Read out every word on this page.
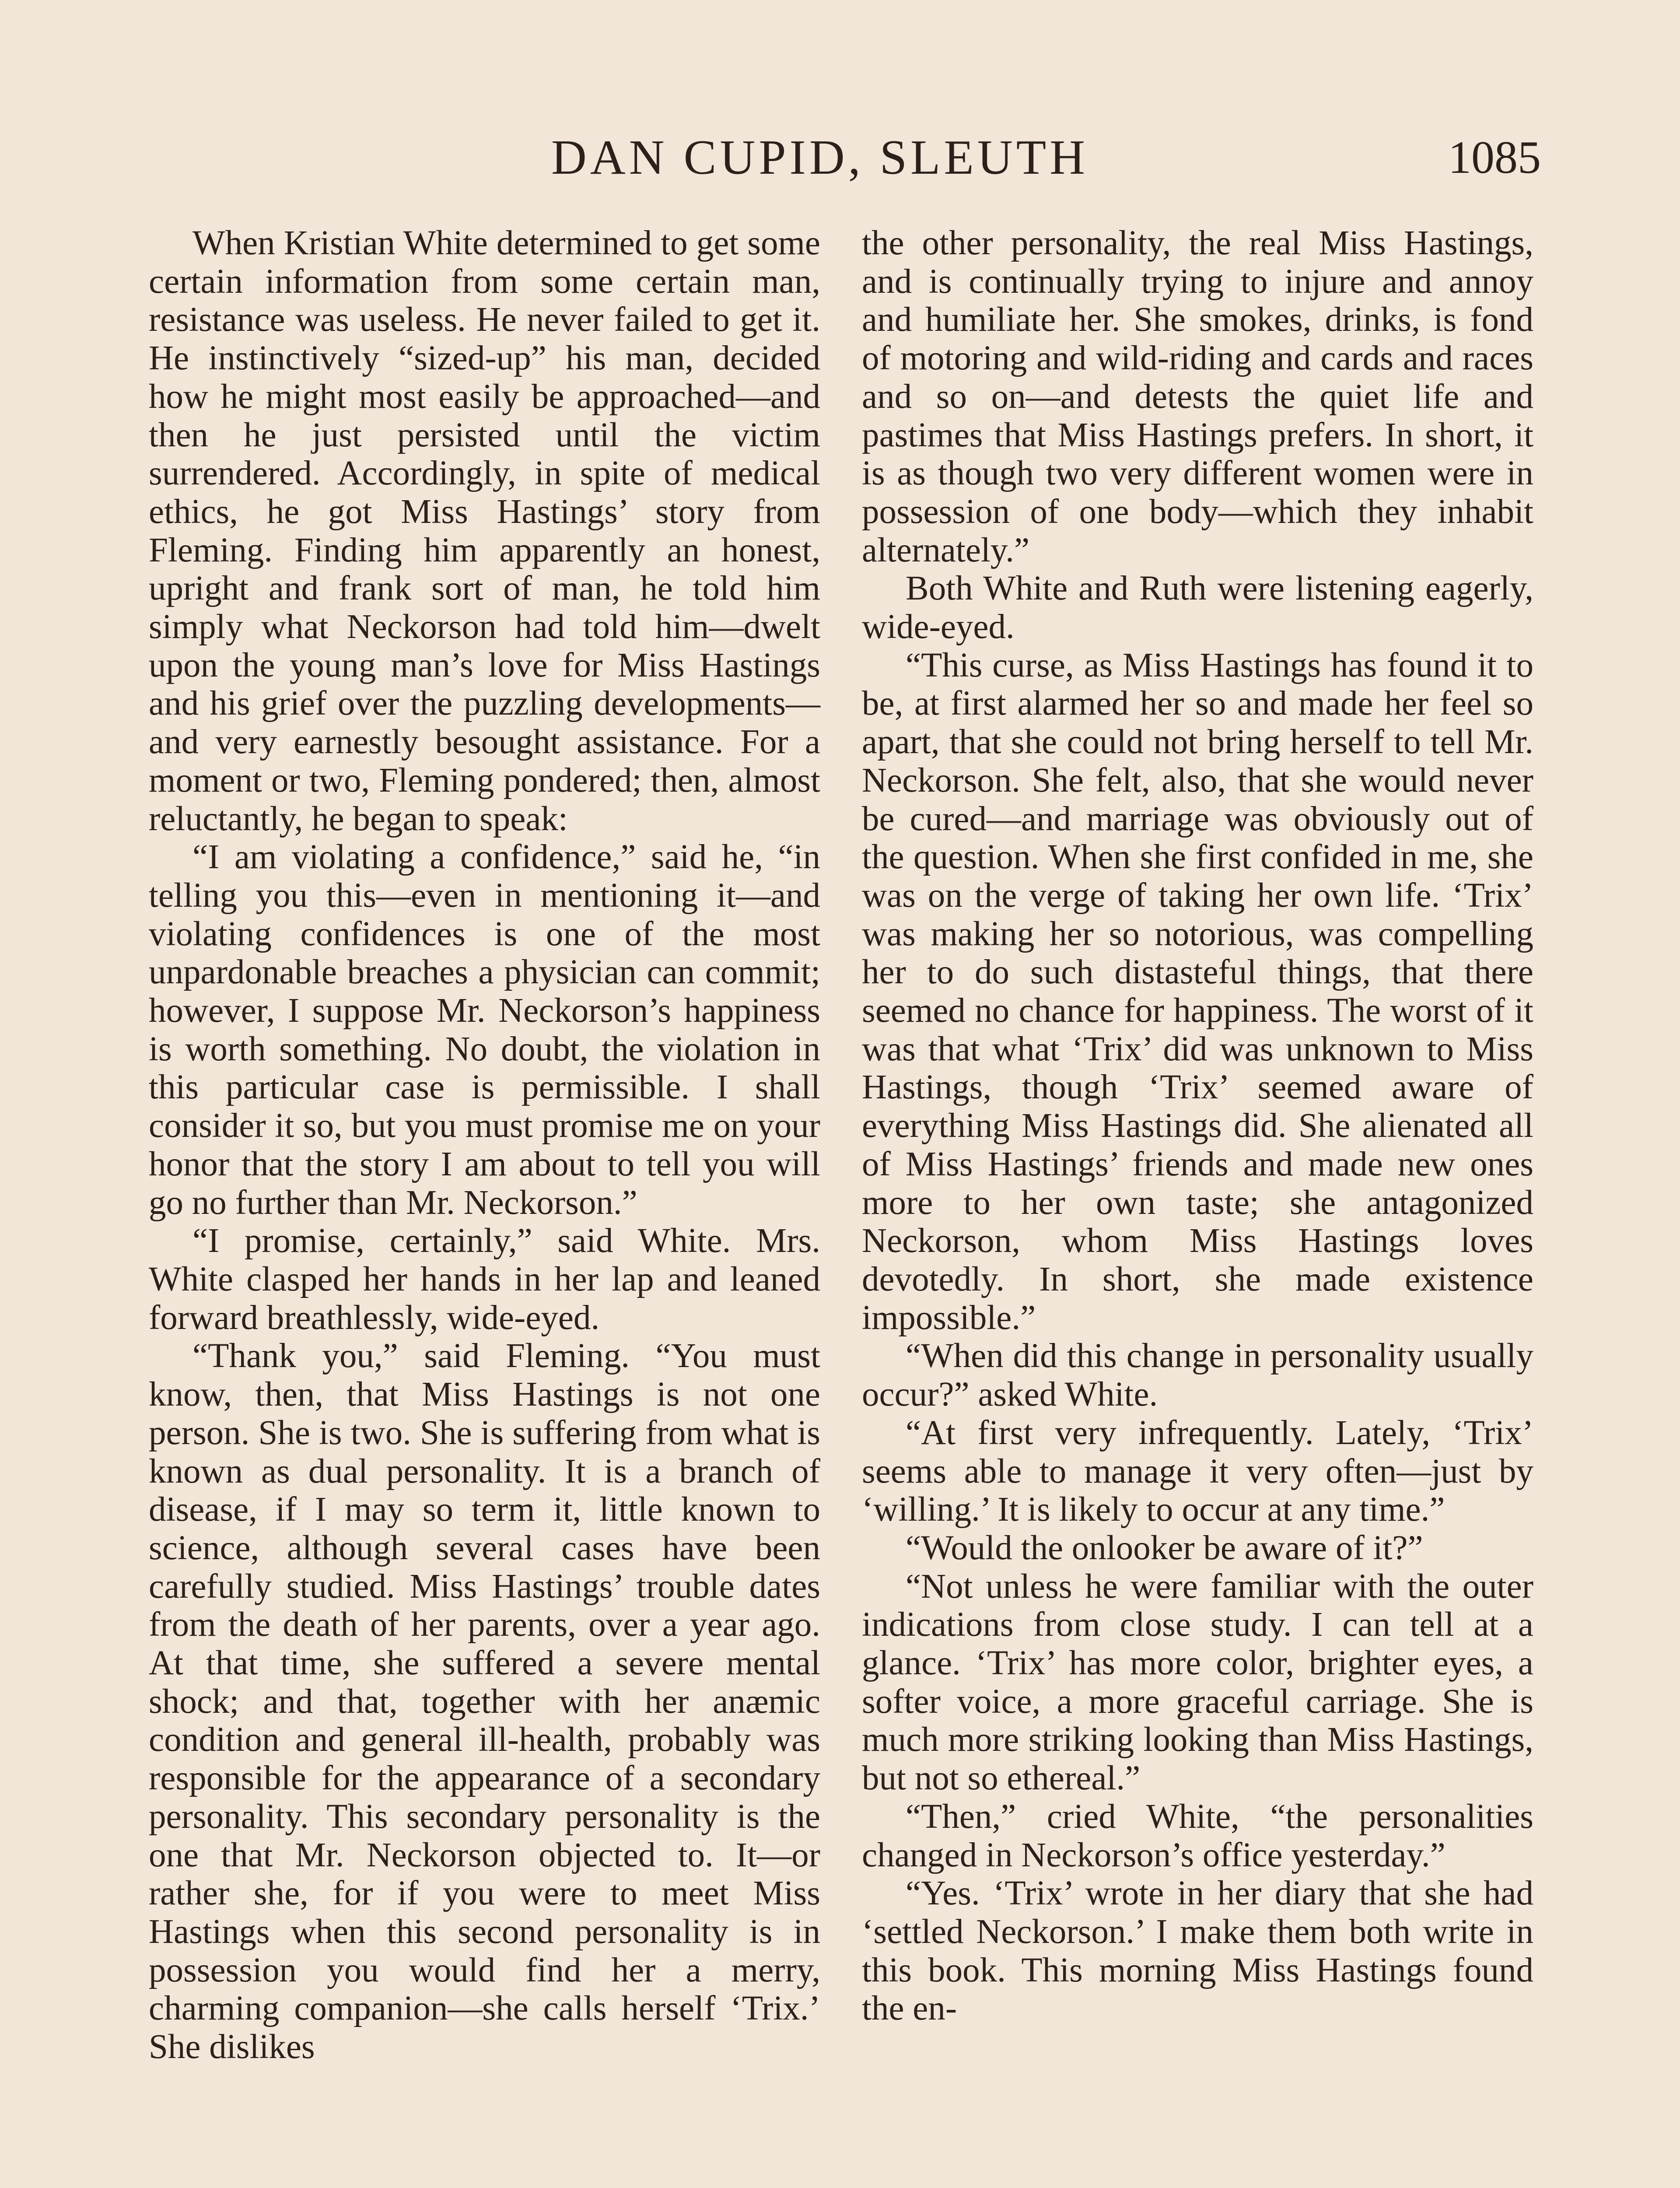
DAN CUPID, SLEUTH	1085

When Kristian White determined to get some certain information from some certain man, resistance was useless. He never failed to get it. He instinctively “sized-up” his man, decided how he might most easily be approached—and then he just persisted until the victim surrendered. Accordingly, in spite of medical ethics, he got Miss Hastings’ story from Fleming. Finding him apparently an honest, upright and frank sort of man, he told him simply what Neckorson had told him—dwelt upon the young man’s love for Miss Hastings and his grief over the puzzling developments—and very earnestly besought assistance. For a moment or two, Fleming pondered; then, almost reluctantly, he began to speak:

“I am violating a confidence,” said he, “in telling you this—even in mentioning it—and violating confidences is one of the most unpardonable breaches a physician can commit; however, I suppose Mr. Neckorson’s happiness is worth something. No doubt, the violation in this particular case is permissible. I shall consider it so, but you must promise me on your honor that the story I am about to tell you will go no further than Mr. Neckorson.”

“I promise, certainly,” said White. Mrs. White clasped her hands in her lap and leaned forward breathlessly, wide-eyed.

“Thank you,” said Fleming. “You must know, then, that Miss Hastings is not one person. She is two. She is suffering from what is known as dual personality. It is a branch of disease, if I may so term it, little known to science, although several cases have been carefully studied. Miss Hastings’ trouble dates from the death of her parents, over a year ago. At that time, she suffered a severe mental shock; and that, together with her anæmic condition and general ill-health, probably was responsible for the appearance of a secondary personality. This secondary personality is the one that Mr. Neckorson objected to. It—or rather she, for if you were to meet Miss Hastings when this second personality is in possession you would find her a merry, charming companion—she calls herself ‘Trix.’ She dislikes

the other personality, the real Miss Hastings, and is continually trying to injure and annoy and humiliate her. She smokes, drinks, is fond of motoring and wild-riding and cards and races and so on—and detests the quiet life and pastimes that Miss Hastings prefers. In short, it is as though two very different women were in possession of one body—which they inhabit alternately.”

Both White and Ruth were listening eagerly, wide-eyed.

“This curse, as Miss Hastings has found it to be, at first alarmed her so and made her feel so apart, that she could not bring herself to tell Mr. Neckorson. She felt, also, that she would never be cured—and marriage was obviously out of the question. When she first confided in me, she was on the verge of taking her own life. ‘Trix’ was making her so notorious, was compelling her to do such distasteful things, that there seemed no chance for happiness. The worst of it was that what ‘Trix’ did was unknown to Miss Hastings, though ‘Trix’ seemed aware of everything Miss Hastings did. She alienated all of Miss Hastings’ friends and made new ones more to her own taste; she antagonized Neckorson, whom Miss Hastings loves devotedly. In short, she made existence impossible.”

“When did this change in personality usually occur?” asked White.

“At first very infrequently. Lately, ‘Trix’ seems able to manage it very often—just by ‘willing.’ It is likely to occur at any time.”

“Would the onlooker be aware of it?”

“Not unless he were familiar with the outer indications from close study. I can tell at a glance. ‘Trix’ has more color, brighter eyes, a softer voice, a more graceful carriage. She is much more striking looking than Miss Hastings, but not so ethereal.”

“Then,” cried White, “the personalities changed in Neckorson’s office yesterday.”

“Yes. ‘Trix’ wrote in her diary that she had ‘settled Neckorson.’ I make them both write in this book. This morning Miss Hastings found the en-
